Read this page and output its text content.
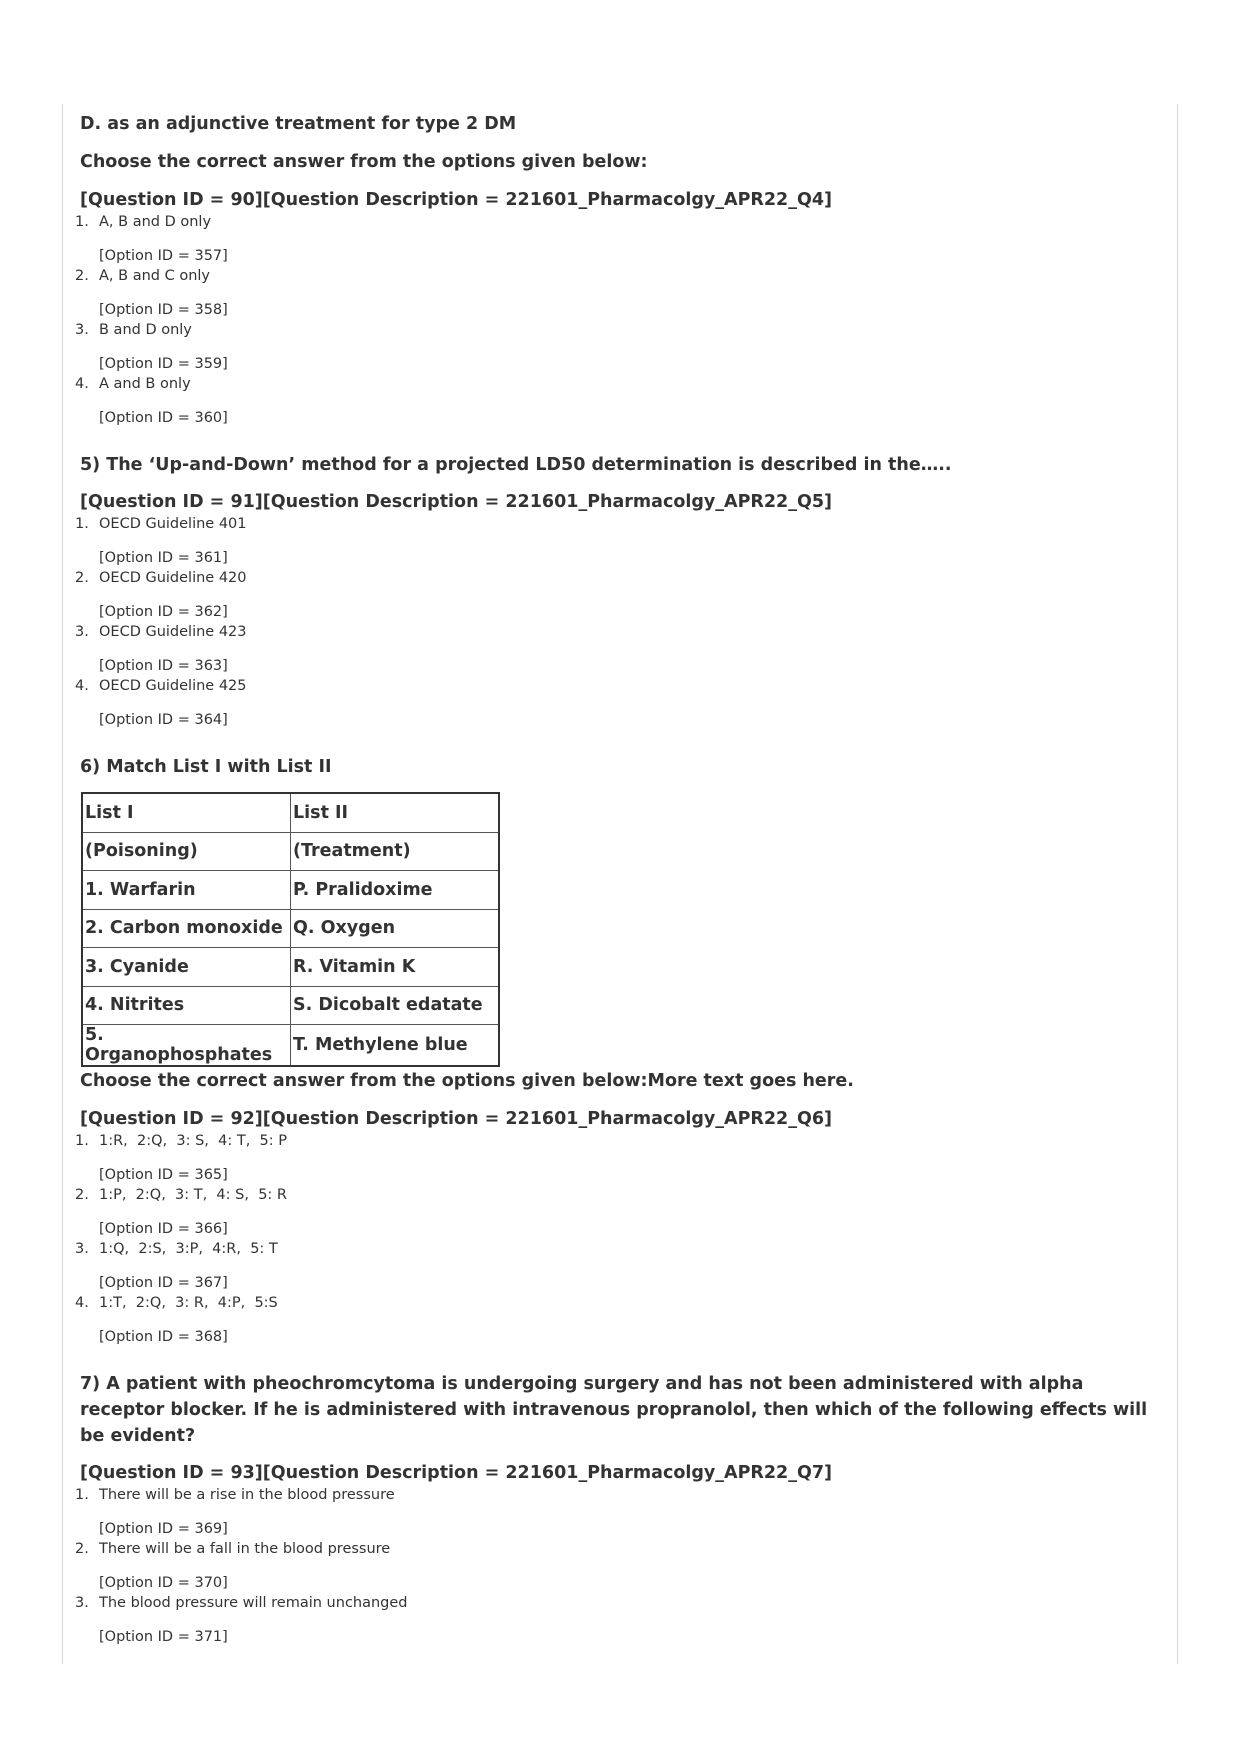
D. as an adjunctive treatment for type 2 DM
Choose the correct answer from the options given below:
[Question ID = 90][Question Description = 221601_Pharmacolgy_APR22_Q4]
1. A, B and D only
[Option ID = 357]
2. A, B and C only
[Option ID = 358]
3. B and D only
[Option ID = 359]
4. A and B only
[Option ID = 360]
5) The ‘Up-and-Down’ method for a projected LD50 determination is described in the…..
[Question ID = 91][Question Description = 221601_Pharmacolgy_APR22_Q5]
1. OECD Guideline 401
[Option ID = 361]
2. OECD Guideline 420
[Option ID = 362]
3. OECD Guideline 423
[Option ID = 363]
4. OECD Guideline 425
[Option ID = 364]
6) Match List I with List II
List I	List II
(Poisoning)	(Treatment)
1. Warfarin	P. Pralidoxime
2. Carbon monoxide	Q. Oxygen
3. Cyanide	R. Vitamin K
4. Nitrites	S. Dicobalt edatate
5. Organophosphates	T. Methylene blue
Choose the correct answer from the options given below:More text goes here.
[Question ID = 92][Question Description = 221601_Pharmacolgy_APR22_Q6]
1. 1:R,  2:Q,  3: S,  4: T,  5: P
[Option ID = 365]
2. 1:P,  2:Q,  3: T,  4: S,  5: R
[Option ID = 366]
3. 1:Q,  2:S,  3:P,  4:R,  5: T
[Option ID = 367]
4. 1:T,  2:Q,  3: R,  4:P,  5:S
[Option ID = 368]
7) A patient with pheochromcytoma is undergoing surgery and has not been administered with alpha receptor blocker. If he is administered with intravenous propranolol, then which of the following effects will be evident?
[Question ID = 93][Question Description = 221601_Pharmacolgy_APR22_Q7]
1. There will be a rise in the blood pressure
[Option ID = 369]
2. There will be a fall in the blood pressure
[Option ID = 370]
3. The blood pressure will remain unchanged
[Option ID = 371]
